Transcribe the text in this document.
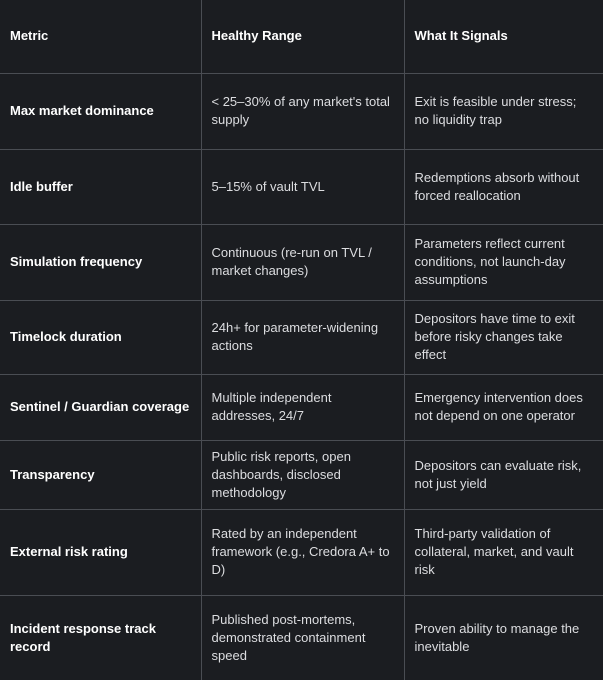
Metric	Healthy Range	What It Signals
Max market dominance	< 25–30% of any market's total supply	Exit is feasible under stress; no liquidity trap
Idle buffer	5–15% of vault TVL	Redemptions absorb without forced reallocation
Simulation frequency	Continuous (re-run on TVL / market changes)	Parameters reflect current conditions, not launch-day assumptions
Timelock duration	24h+ for parameter-widening actions	Depositors have time to exit before risky changes take effect
Sentinel / Guardian coverage	Multiple independent addresses, 24/7	Emergency intervention does not depend on one operator
Transparency	Public risk reports, open dashboards, disclosed methodology	Depositors can evaluate risk, not just yield
External risk rating	Rated by an independent framework (e.g., Credora A+ to D)	Third-party validation of collateral, market, and vault risk
Incident response track record	Published post-mortems, demonstrated containment speed	Proven ability to manage the inevitable
